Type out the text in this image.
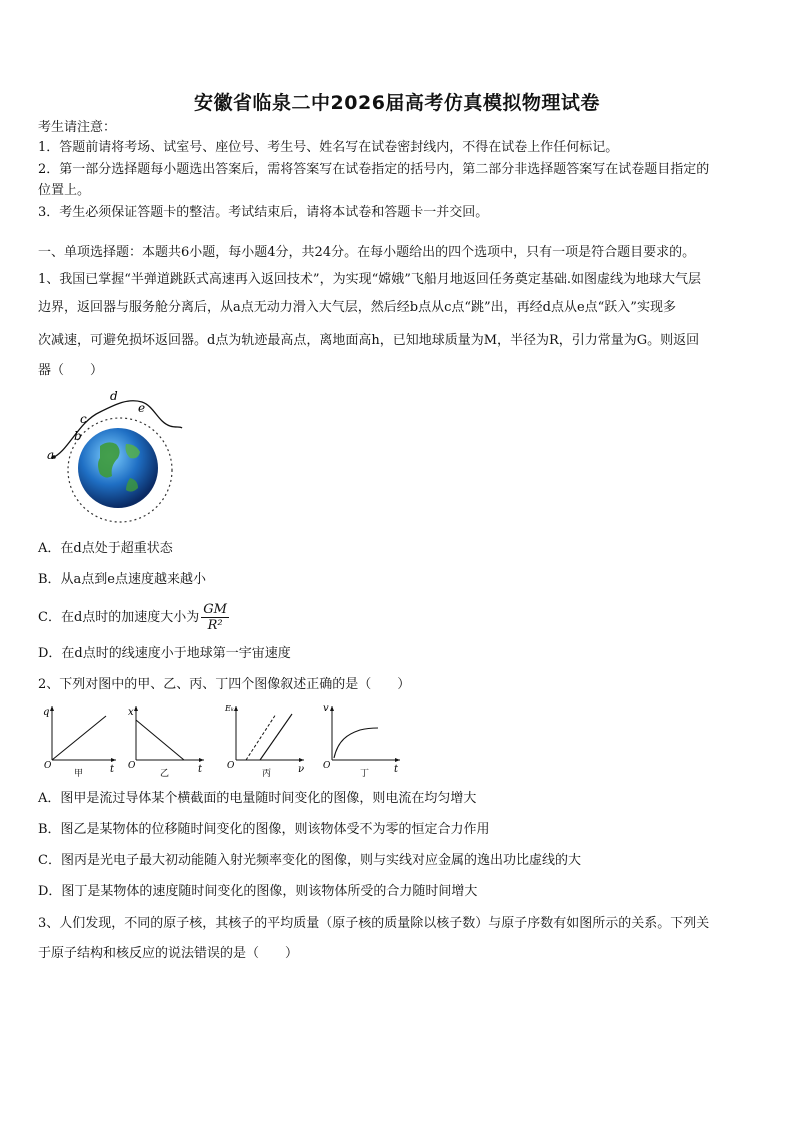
安徽省临泉二中2026届高考仿真模拟物理试卷
考生请注意：
1．答题前请将考场、试室号、座位号、考生号、姓名写在试卷密封线内，不得在试卷上作任何标记。
2．第一部分选择题每小题选出答案后，需将答案写在试卷指定的括号内，第二部分非选择题答案写在试卷题目指定的
位置上。
3．考生必须保证答题卡的整洁。考试结束后，请将本试卷和答题卡一并交回。
一、单项选择题：本题共6小题，每小题4分，共24分。在每小题给出的四个选项中，只有一项是符合题目要求的。
1、我国已掌握“半弹道跳跃式高速再入返回技术”，为实现“嫦娥”飞船月地返回任务奠定基础.如图虚线为地球大气层
边界，返回器与服务舱分离后，从a点无动力滑入大气层，然后经b点从c点“跳”出，再经d点从e点“跃入”实现多
次减速，可避免损坏返回器。d点为轨迹最高点，离地面高h，已知地球质量为M，半径为R，引力常量为G。则返回
器（　　）
a
b
c
d
e
A．在d点处于超重状态
B．从a点到e点速度越来越小
C．在d点时的加速度大小为 $\frac{GM}{\text{R²}}$
D．在d点时的线速度小于地球第一宇宙速度
2、下列对图中的甲、乙、丙、丁四个图像叙述正确的是（　　）
q
t
O
甲
x
t
O
乙
Eₖ
ν
O
丙
v
t
O
丁
A．图甲是流过导体某个横截面的电量随时间变化的图像，则电流在均匀增大
B．图乙是某物体的位移随时间变化的图像，则该物体受不为零的恒定合力作用
C．图丙是光电子最大初动能随入射光频率变化的图像，则与实线对应金属的逸出功比虚线的大
D．图丁是某物体的速度随时间变化的图像，则该物体所受的合力随时间增大
3、人们发现，不同的原子核，其核子的平均质量（原子核的质量除以核子数）与原子序数有如图所示的关系。下列关
于原子结构和核反应的说法错误的是（　　）
